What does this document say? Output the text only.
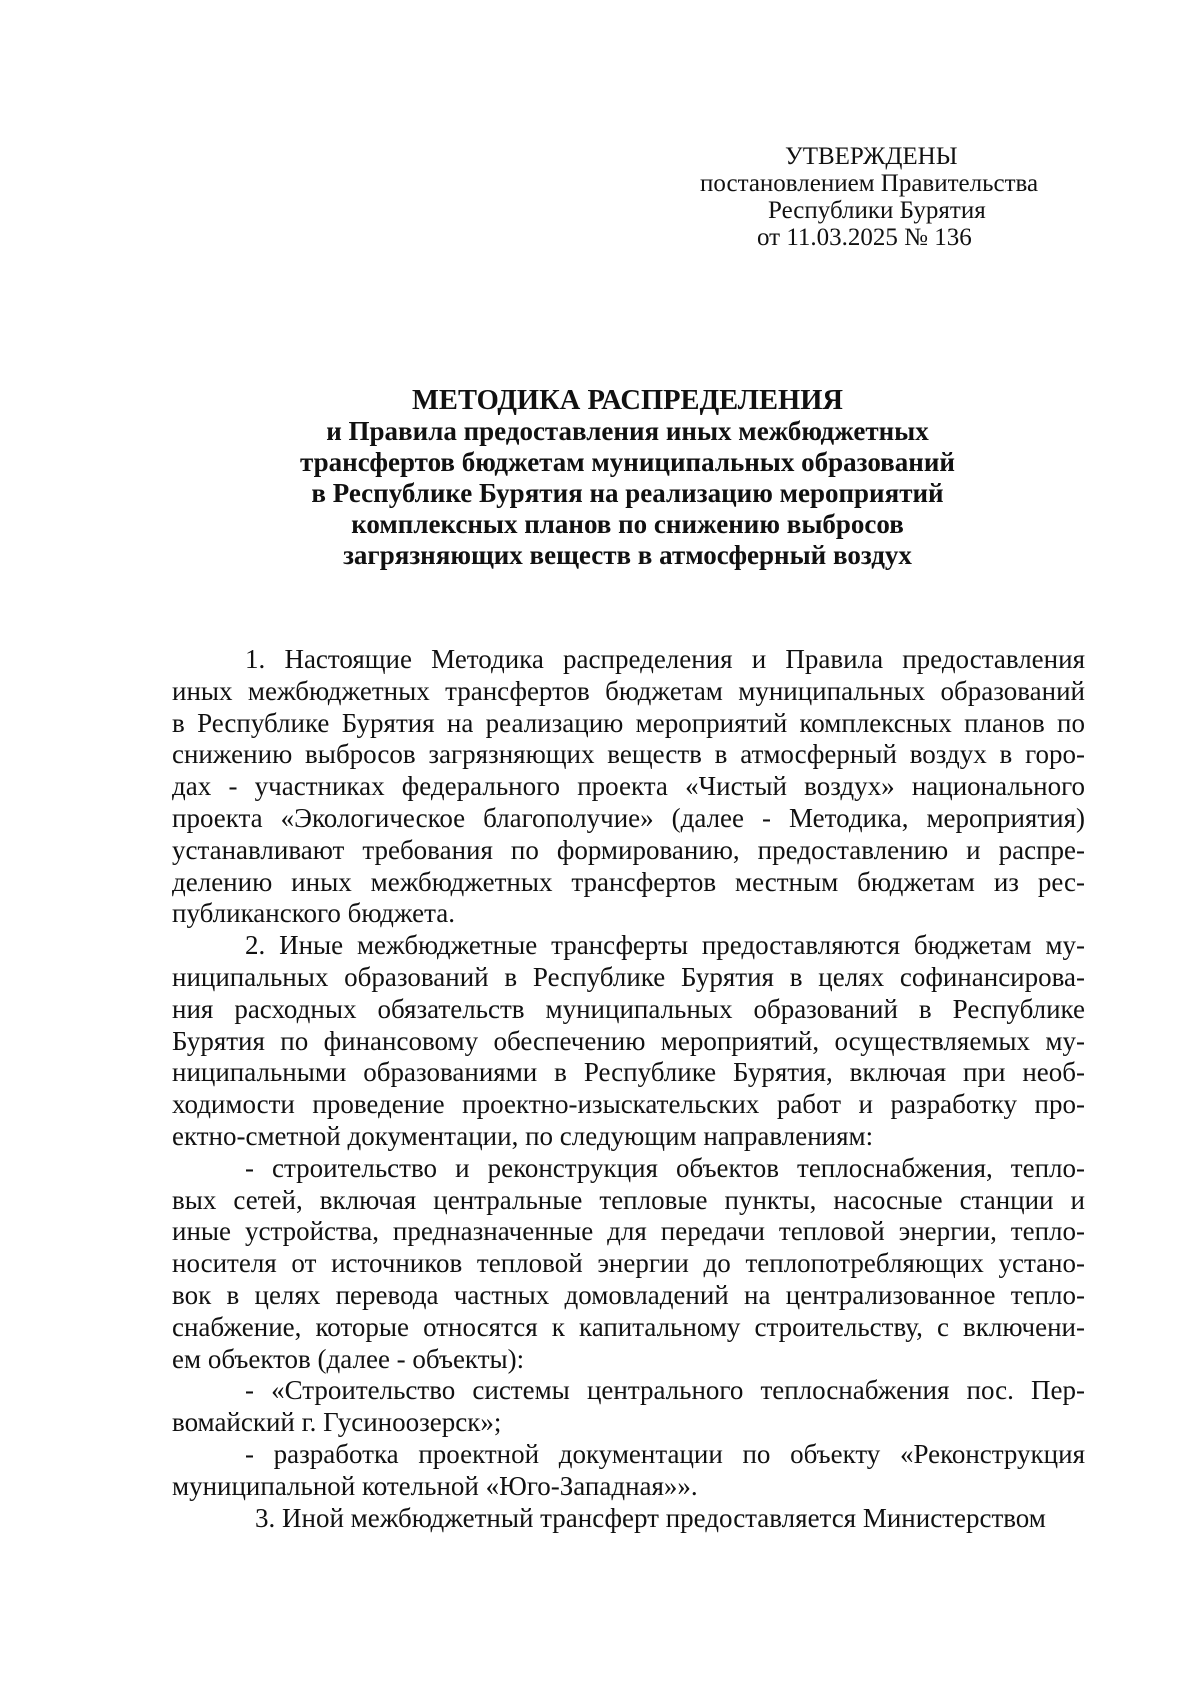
УТВЕРЖДЕНЫ
постановлением Правительства
Республики Бурятия
от 11.03.2025 № 136
МЕТОДИКА РАСПРЕДЕЛЕНИЯ
и Правила предоставления иных межбюджетных
трансфертов бюджетам муниципальных образований
в Республике Бурятия на реализацию мероприятий
комплексных планов по снижению выбросов
загрязняющих веществ в атмосферный воздух
1. Настоящие Методика распределения и Правила предоставления
иных межбюджетных трансфертов бюджетам муниципальных образований
в Республике Бурятия на реализацию мероприятий комплексных планов по
снижению выбросов загрязняющих веществ в атмосферный воздух в горо-
дах - участниках федерального проекта «Чистый воздух» национального
проекта «Экологическое благополучие» (далее - Методика, мероприятия)
устанавливают требования по формированию, предоставлению и распре-
делению иных межбюджетных трансфертов местным бюджетам из рес-
публиканского бюджета.
2. Иные межбюджетные трансферты предоставляются бюджетам му-
ниципальных образований в Республике Бурятия в целях софинансирова-
ния расходных обязательств муниципальных образований в Республике
Бурятия по финансовому обеспечению мероприятий, осуществляемых му-
ниципальными образованиями в Республике Бурятия, включая при необ-
ходимости проведение проектно-изыскательских работ и разработку про-
ектно-сметной документации, по следующим направлениям:
- строительство и реконструкция объектов теплоснабжения, тепло-
вых сетей, включая центральные тепловые пункты, насосные станции и
иные устройства, предназначенные для передачи тепловой энергии, тепло-
носителя от источников тепловой энергии до теплопотребляющих устано-
вок в целях перевода частных домовладений на централизованное тепло-
снабжение, которые относятся к капитальному строительству, с включени-
ем объектов (далее - объекты):
- «Строительство системы центрального теплоснабжения пос. Пер-
вомайский г. Гусиноозерск»;
- разработка проектной документации по объекту «Реконструкция
муниципальной котельной «Юго-Западная»».
3. Иной межбюджетный трансферт предоставляется Министерством
